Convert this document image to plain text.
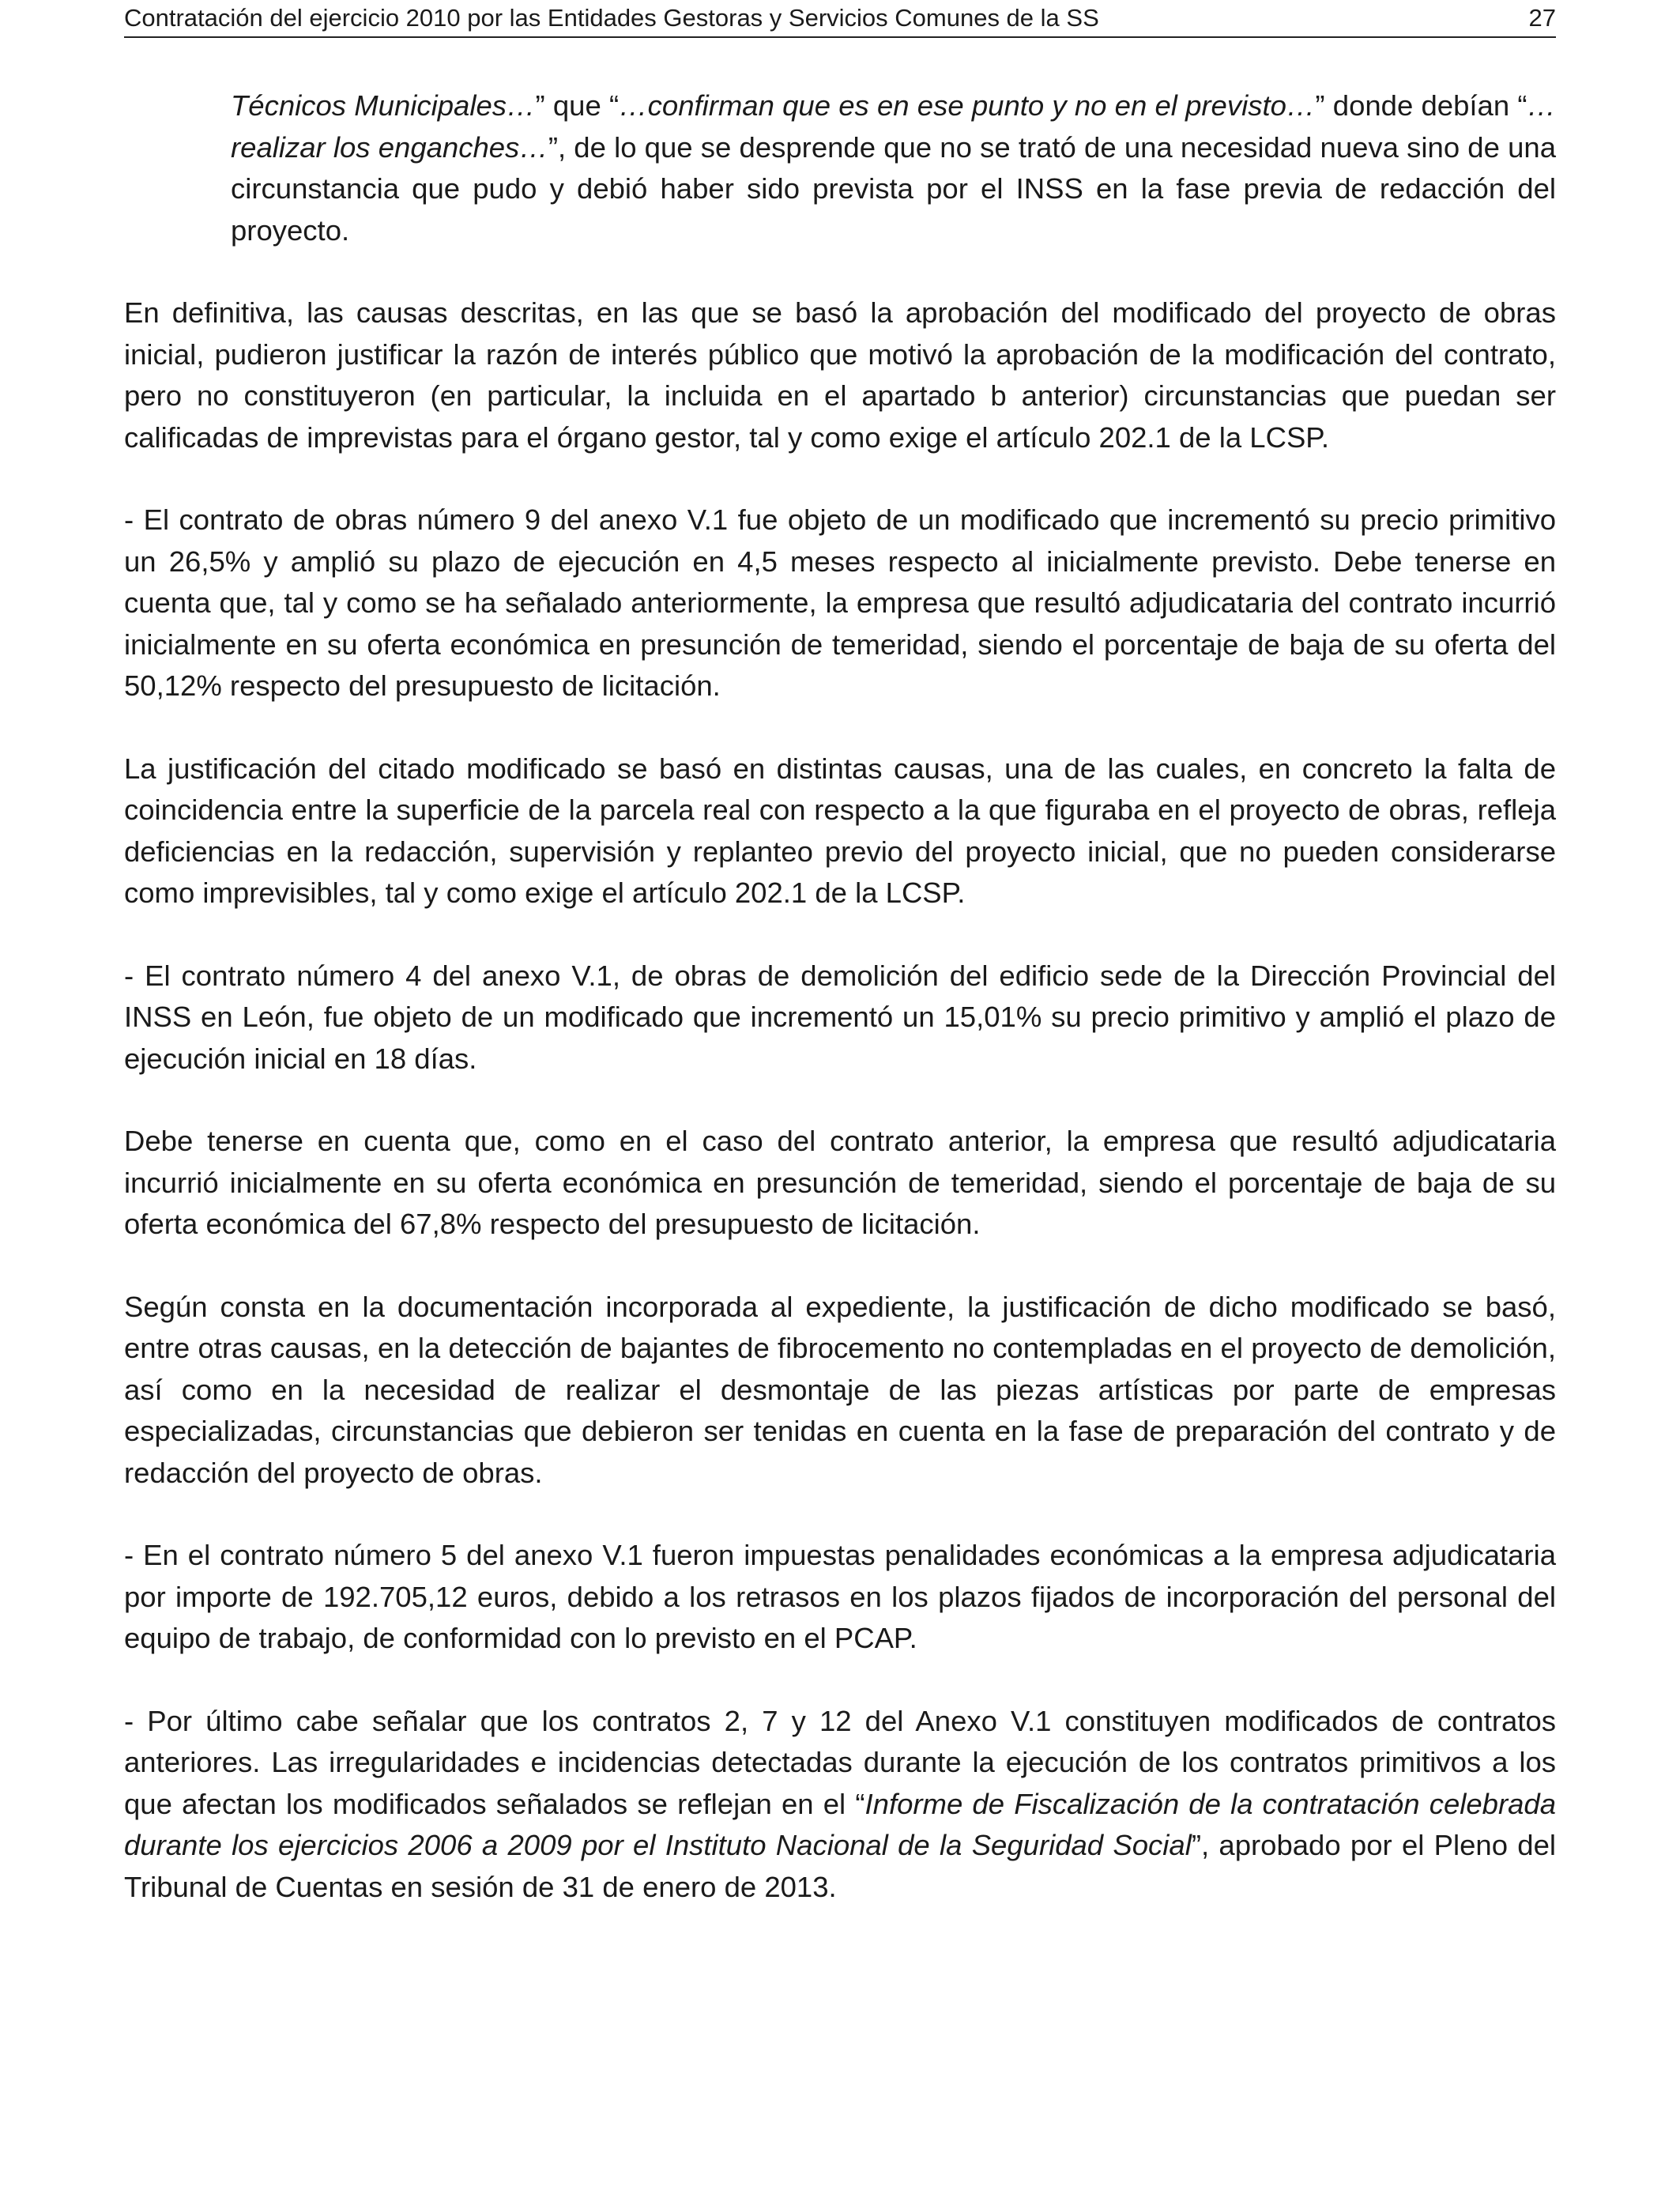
Contratación del ejercicio 2010 por las Entidades Gestoras y Servicios Comunes de la SS	27

Técnicos Municipales…” que “…confirman que es en ese punto y no en el previsto…” donde debían “…realizar los enganches…”, de lo que se desprende que no se trató de una necesidad nueva sino de una circunstancia que pudo y debió haber sido prevista por el INSS en la fase previa de redacción del proyecto.

En definitiva, las causas descritas, en las que se basó la aprobación del modificado del proyecto de obras inicial, pudieron justificar la razón de interés público que motivó la aprobación de la modificación del contrato, pero no constituyeron (en particular, la incluida en el apartado b anterior) circunstancias que puedan ser calificadas de imprevistas para el órgano gestor, tal y como exige el artículo 202.1 de la LCSP.

- El contrato de obras número 9 del anexo V.1 fue objeto de un modificado que incrementó su precio primitivo un 26,5% y amplió su plazo de ejecución en 4,5 meses respecto al inicialmente previsto. Debe tenerse en cuenta que, tal y como se ha señalado anteriormente, la empresa que resultó adjudicataria del contrato incurrió inicialmente en su oferta económica en presunción de temeridad, siendo el porcentaje de baja de su oferta del 50,12% respecto del presupuesto de licitación.

La justificación del citado modificado se basó en distintas causas, una de las cuales, en concreto la falta de coincidencia entre la superficie de la parcela real con respecto a la que figuraba en el proyecto de obras, refleja deficiencias en la redacción, supervisión y replanteo previo del proyecto inicial, que no pueden considerarse como imprevisibles, tal y como exige el artículo 202.1 de la LCSP.

- El contrato número 4 del anexo V.1, de obras de demolición del edificio sede de la Dirección Provincial del INSS en León, fue objeto de un modificado que incrementó un 15,01% su precio primitivo y amplió el plazo de ejecución inicial en 18 días.

Debe tenerse en cuenta que, como en el caso del contrato anterior, la empresa que resultó adjudicataria incurrió inicialmente en su oferta económica en presunción de temeridad, siendo el porcentaje de baja de su oferta económica del 67,8% respecto del presupuesto de licitación.

Según consta en la documentación incorporada al expediente, la justificación de dicho modificado se basó, entre otras causas, en la detección de bajantes de fibrocemento no contempladas en el proyecto de demolición, así como en la necesidad de realizar el desmontaje de las piezas artísticas por parte de empresas especializadas, circunstancias que debieron ser tenidas en cuenta en la fase de preparación del contrato y de redacción del proyecto de obras.

- En el contrato número 5 del anexo V.1 fueron impuestas penalidades económicas a la empresa adjudicataria por importe de 192.705,12 euros, debido a los retrasos en los plazos fijados de incorporación del personal del equipo de trabajo, de conformidad con lo previsto en el PCAP.

- Por último cabe señalar que los contratos 2, 7 y 12 del Anexo V.1 constituyen modificados de contratos anteriores. Las irregularidades e incidencias detectadas durante la ejecución de los contratos primitivos a los que afectan los modificados señalados se reflejan en el “Informe de Fiscalización de la contratación celebrada durante los ejercicios 2006 a 2009 por el Instituto Nacional de la Seguridad Social”, aprobado por el Pleno del Tribunal de Cuentas en sesión de 31 de enero de 2013.
